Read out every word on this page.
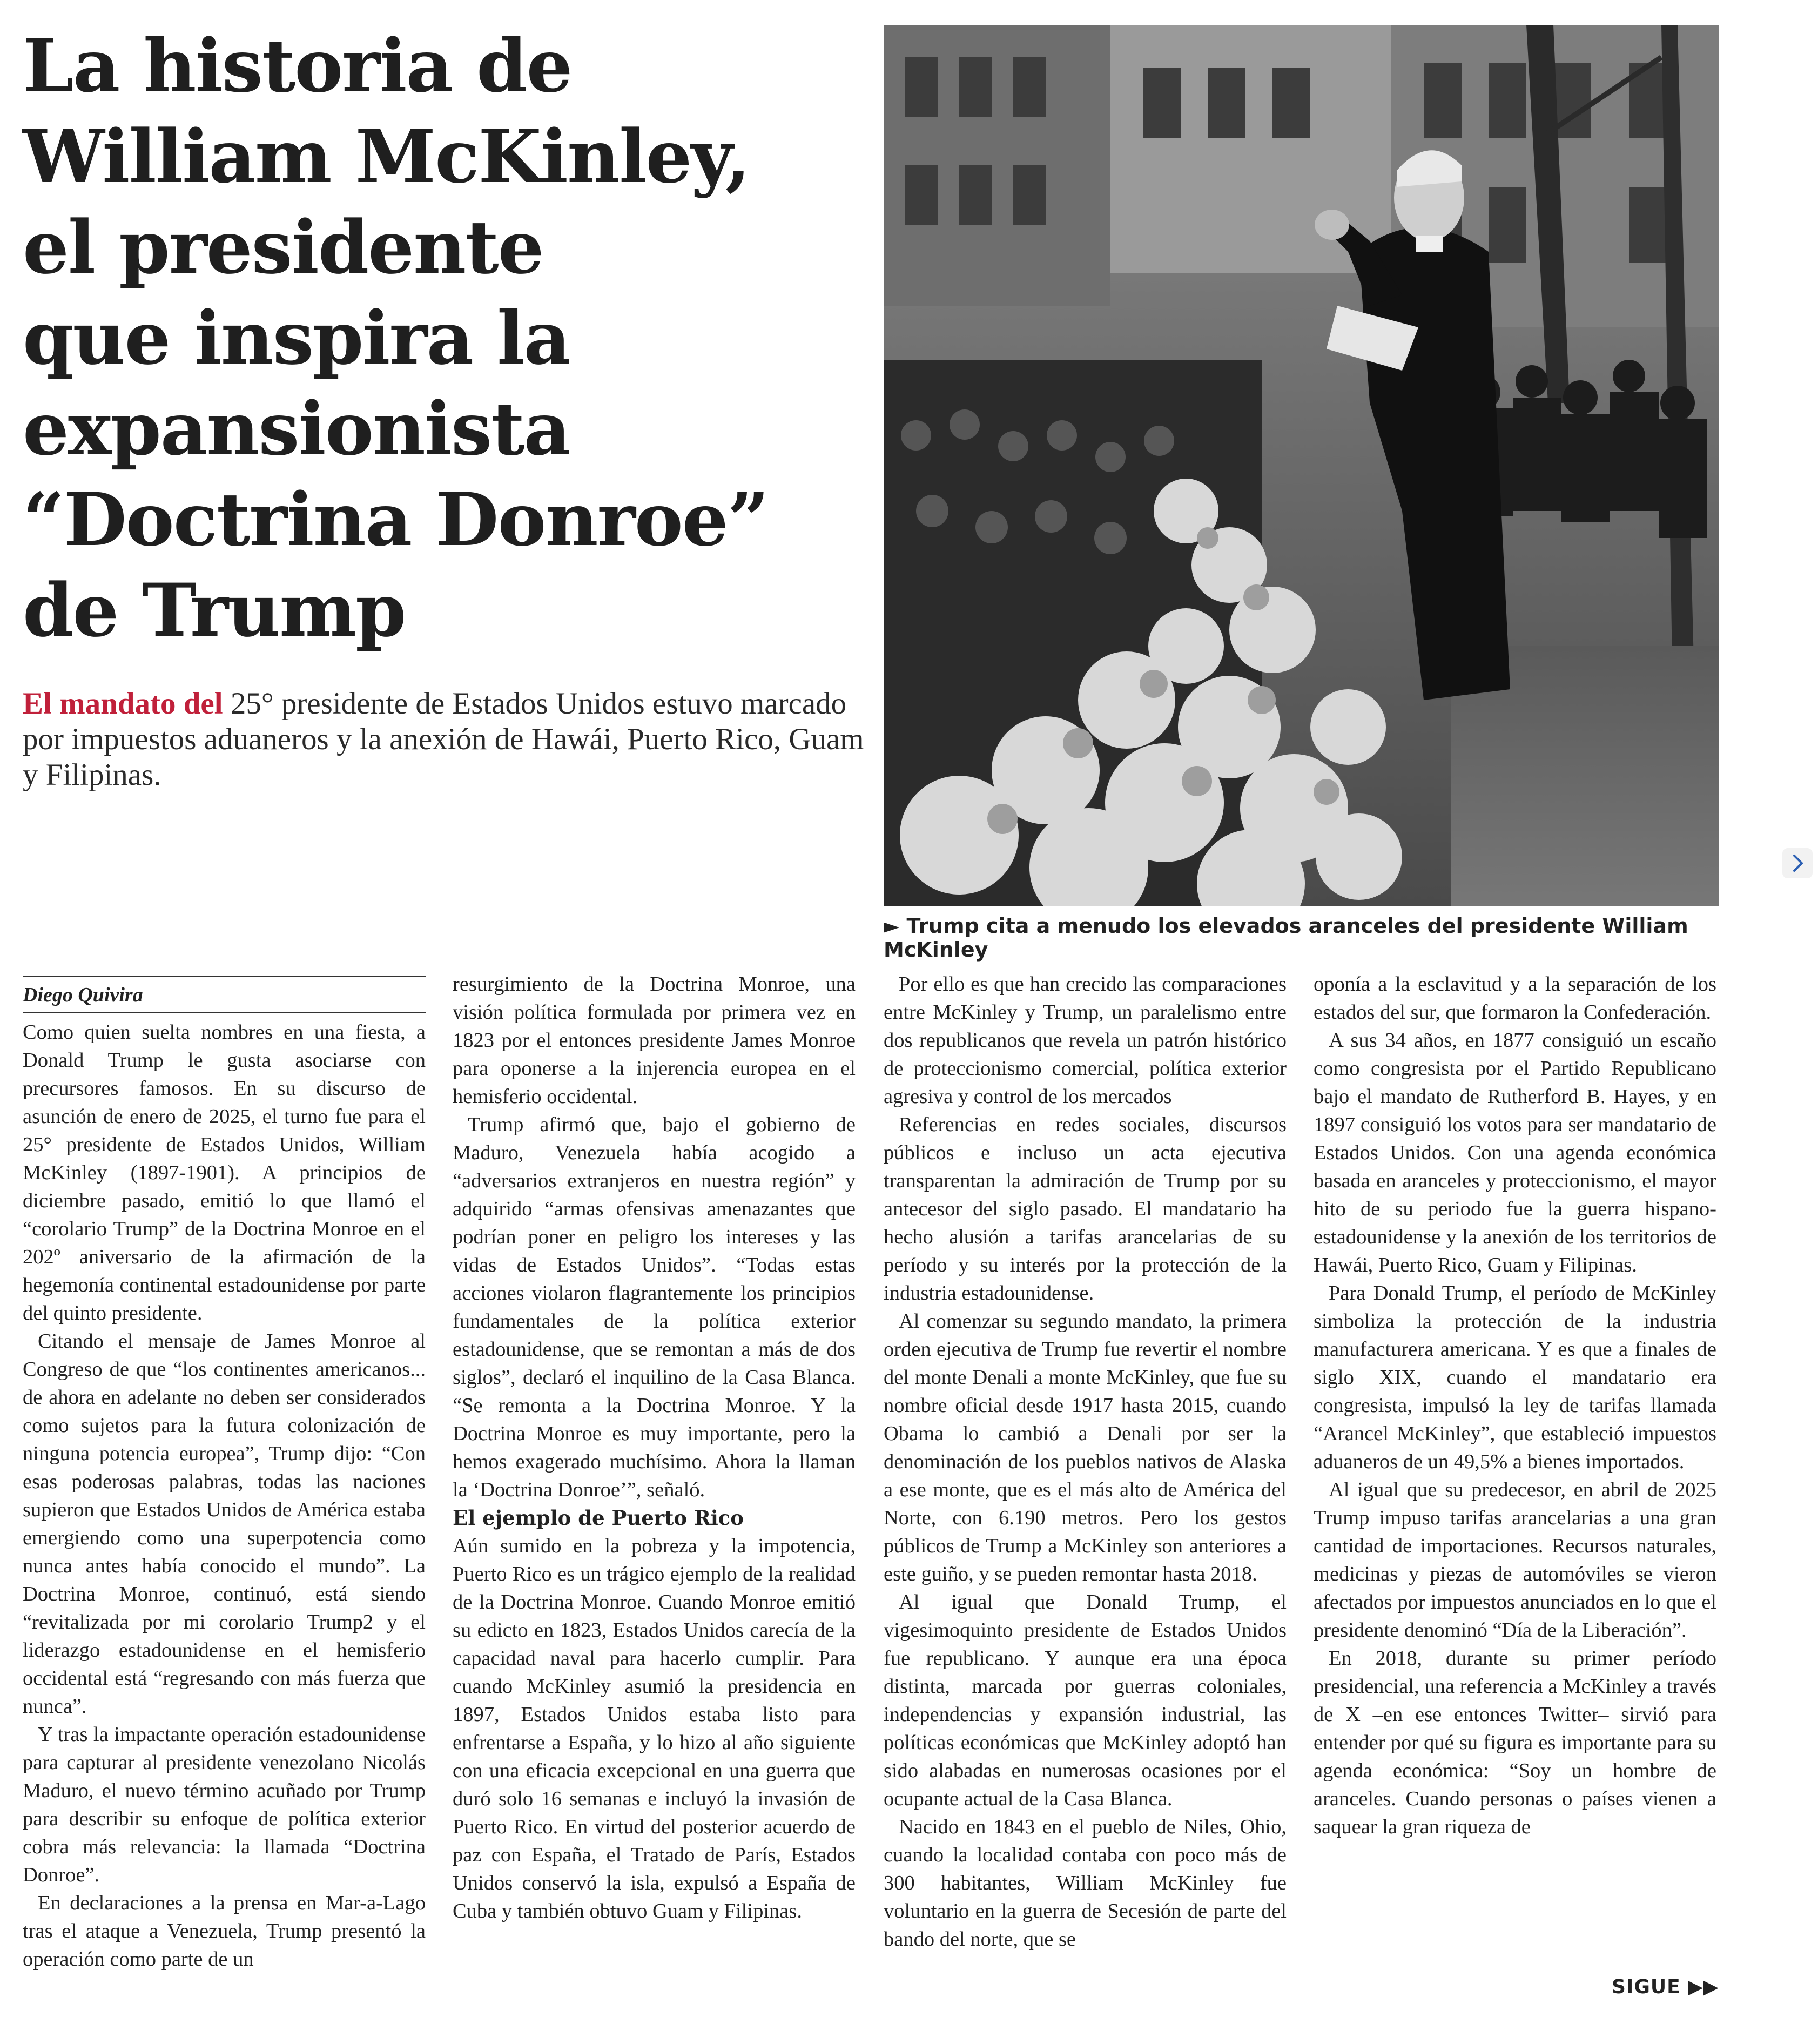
La historia de
William McKinley,
el presidente
que inspira la
expansionista
“Doctrina Donroe”
de Trump

El mandato del 25° presidente de Estados Unidos estuvo marcado por impuestos aduaneros y la anexión de Hawái, Puerto Rico, Guam y Filipinas.

► Trump cita a menudo los elevados aranceles del presidente William McKinley
Diego Quivira

Como quien suelta nombres en una fiesta, a Donald Trump le gusta asociarse con precursores famosos. En su discurso de asunción de enero de 2025, el turno fue para el 25° presidente de Estados Unidos, William McKinley (1897-1901). A principios de diciembre pasado, emitió lo que llamó el “corolario Trump” de la Doctrina Monroe en el 202º aniversario de la afirmación de la hegemonía continental estadounidense por parte del quinto presidente.

Citando el mensaje de James Monroe al Congreso de que “los continentes americanos... de ahora en adelante no deben ser considerados como sujetos para la futura colonización de ninguna potencia europea”, Trump dijo: “Con esas poderosas palabras, todas las naciones supieron que Estados Unidos de América estaba emergiendo como una superpotencia como nunca antes había conocido el mundo”. La Doctrina Monroe, continuó, está siendo “revitalizada por mi corolario Trump2 y el liderazgo estadounidense en el hemisferio occidental está “regresando con más fuerza que nunca”.

Y tras la impactante operación estadounidense para capturar al presidente venezolano Nicolás Maduro, el nuevo término acuñado por Trump para describir su enfoque de política exterior cobra más relevancia: la llamada “Doctrina Donroe”.

En declaraciones a la prensa en Mar-a-Lago tras el ataque a Venezuela, Trump presentó la operación como parte de un

resurgimiento de la Doctrina Monroe, una visión política formulada por primera vez en 1823 por el entonces presidente James Monroe para oponerse a la injerencia europea en el hemisferio occidental.

Trump afirmó que, bajo el gobierno de Maduro, Venezuela había acogido a “adversarios extranjeros en nuestra región” y adquirido “armas ofensivas amenazantes que podrían poner en peligro los intereses y las vidas de Estados Unidos”. “Todas estas acciones violaron flagrantemente los principios fundamentales de la política exterior estadounidense, que se remontan a más de dos siglos”, declaró el inquilino de la Casa Blanca. “Se remonta a la Doctrina Monroe. Y la Doctrina Monroe es muy importante, pero la hemos exagerado muchísimo. Ahora la llaman la ‘Doctrina Donroe’”, señaló.

El ejemplo de Puerto Rico

Aún sumido en la pobreza y la impotencia, Puerto Rico es un trágico ejemplo de la realidad de la Doctrina Monroe. Cuando Monroe emitió su edicto en 1823, Estados Unidos carecía de la capacidad naval para hacerlo cumplir. Para cuando McKinley asumió la presidencia en 1897, Estados Unidos estaba listo para enfrentarse a España, y lo hizo al año siguiente con una eficacia excepcional en una guerra que duró solo 16 semanas e incluyó la invasión de Puerto Rico. En virtud del posterior acuerdo de paz con España, el Tratado de París, Estados Unidos conservó la isla, expulsó a España de Cuba y también obtuvo Guam y Filipinas.

Por ello es que han crecido las comparaciones entre McKinley y Trump, un paralelismo entre dos republicanos que revela un patrón histórico de proteccionismo comercial, política exterior agresiva y control de los mercados

Referencias en redes sociales, discursos públicos e incluso un acta ejecutiva transparentan la admiración de Trump por su antecesor del siglo pasado. El mandatario ha hecho alusión a tarifas arancelarias de su período y su interés por la protección de la industria estadounidense.

Al comenzar su segundo mandato, la primera orden ejecutiva de Trump fue revertir el nombre del monte Denali a monte McKinley, que fue su nombre oficial desde 1917 hasta 2015, cuando Obama lo cambió a Denali por ser la denominación de los pueblos nativos de Alaska a ese monte, que es el más alto de América del Norte, con 6.190 metros. Pero los gestos públicos de Trump a McKinley son anteriores a este guiño, y se pueden remontar hasta 2018.

Al igual que Donald Trump, el vigesimoquinto presidente de Estados Unidos fue republicano. Y aunque era una época distinta, marcada por guerras coloniales, independencias y expansión industrial, las políticas económicas que McKinley adoptó han sido alabadas en numerosas ocasiones por el ocupante actual de la Casa Blanca.

Nacido en 1843 en el pueblo de Niles, Ohio, cuando la localidad contaba con poco más de 300 habitantes, William McKinley fue voluntario en la guerra de Secesión de parte del bando del norte, que se

oponía a la esclavitud y a la separación de los estados del sur, que formaron la Confederación.

A sus 34 años, en 1877 consiguió un escaño como congresista por el Partido Republicano bajo el mandato de Rutherford B. Hayes, y en 1897 consiguió los votos para ser mandatario de Estados Unidos. Con una agenda económica basada en aranceles y proteccionismo, el mayor hito de su periodo fue la guerra hispano-estadounidense y la anexión de los territorios de Hawái, Puerto Rico, Guam y Filipinas.

Para Donald Trump, el período de McKinley simboliza la protección de la industria manufacturera americana. Y es que a finales de siglo XIX, cuando el mandatario era congresista, impulsó la ley de tarifas llamada “Arancel McKinley”, que estableció impuestos aduaneros de un 49,5% a bienes importados.

Al igual que su predecesor, en abril de 2025 Trump impuso tarifas arancelarias a una gran cantidad de importaciones. Recursos naturales, medicinas y piezas de automóviles se vieron afectados por impuestos anunciados en lo que el presidente denominó “Día de la Liberación”.

En 2018, durante su primer período presidencial, una referencia a McKinley a través de X –en ese entonces Twitter– sirvió para entender por qué su figura es importante para su agenda económica: “Soy un hombre de aranceles. Cuando personas o países vienen a saquear la gran riqueza de

SIGUE ▶▶
